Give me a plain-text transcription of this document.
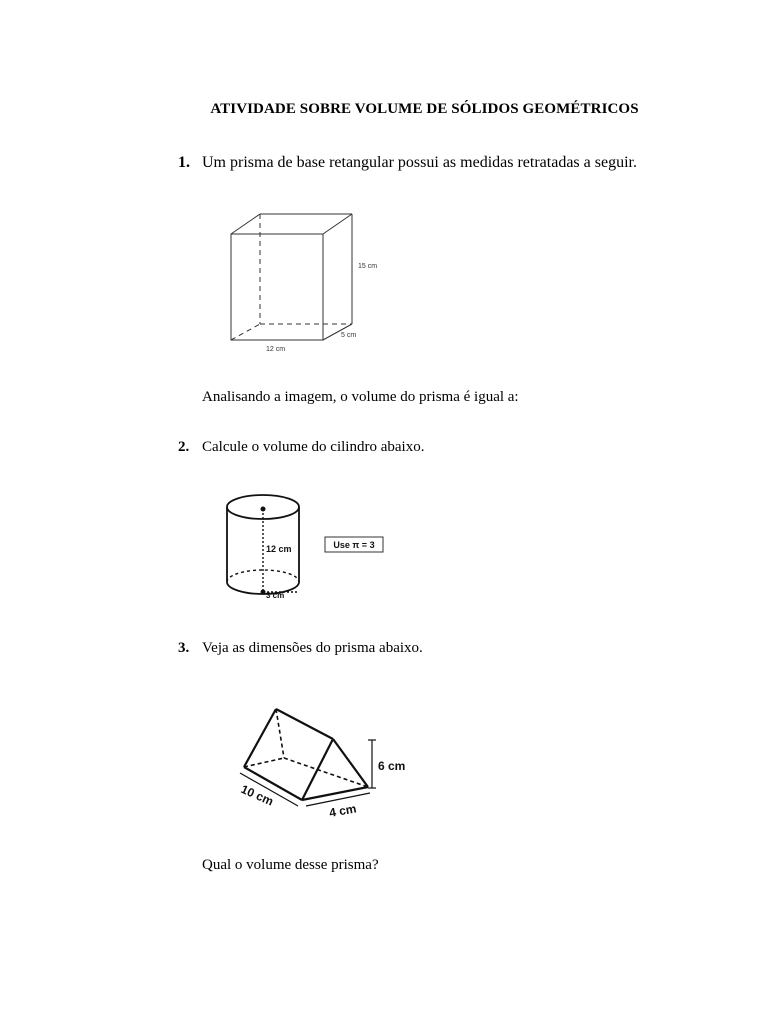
ATIVIDADE SOBRE VOLUME DE SÓLIDOS GEOMÉTRICOS
1. Um prisma de base retangular possui as medidas retratadas a seguir.
15 cm
5 cm
12 cm
Analisando a imagem, o volume do prisma é igual a:
2. Calcule o volume do cilindro abaixo.
12 cm
3 cm
Use π = 3
3. Veja as dimensões do prisma abaixo.
6 cm
10 cm
4 cm
Qual o volume desse prisma?
